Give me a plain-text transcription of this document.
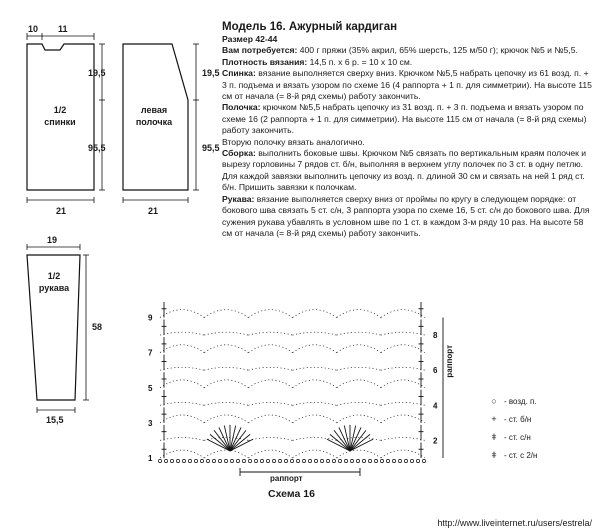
10 11
19,5
95,5
21
1/2
спинки
19,5
95,5
21
левая
полочка
19
58
15,5
1/2
рукава

Модель 16. Ажурный кардиган

Размер 42-44

Вам потребуется: 400 г пряжи (35% акрил, 65% шерсть, 125 м/50 г); крючок №5 и №5,5.

Плотность вязания: 14,5 п. х 6 р. = 10 х 10 см.

Спинка: вязание выполняется сверху вниз. Крючком №5,5 набрать цепочку из 61 возд. п. + 3 п. подъема и вязать узором по схеме 16 (4 раппорта + 1 п. для симметрии). На высоте 115 см от начала (= 8-й ряд схемы) работу закончить.

Полочка: крючком №5,5 набрать цепочку из 31 возд. п. + 3 п. подъема и вязать узором по схеме 16 (2 раппорта + 1 п. для симметрии). На высоте 115 см от начала (= 8-й ряд схемы) работу закончить.

Вторую полочку вязать аналогично.

Сборка: выполнить боковые швы. Крючком №5 связать по вертикальным краям полочек и вырезу горловины 7 рядов ст. б/н, выполняя в верхнем углу полочек по 3 ст. в одну петлю. Для каждой завязки выполнить цепочку из возд. п. длиной 30 см и связать на ней 1 ряд ст. б/н. Пришить завязки к полочкам.

Рукава: вязание выполняется сверху вниз от проймы по кругу в следующем порядке: от бокового шва связать 5 ст. с/н, 3 раппорта узора по схеме 16, 5 ст. с/н до бокового шва. Для сужения рукава убавлять в условном шве по 1 ст. в каждом 3-м ряду 10 раз. На высоте 58 см от начала (= 8-й ряд схемы) работу закончить.

1
2
3
4
5
6
7
8
9
раппорт
раппорт
Схема 16
○ - возд. п.
+ - ст. б/н
ǂ - ст. с/н
ǂ - ст. с 2/н
http://www.liveinternet.ru/users/estrela/
